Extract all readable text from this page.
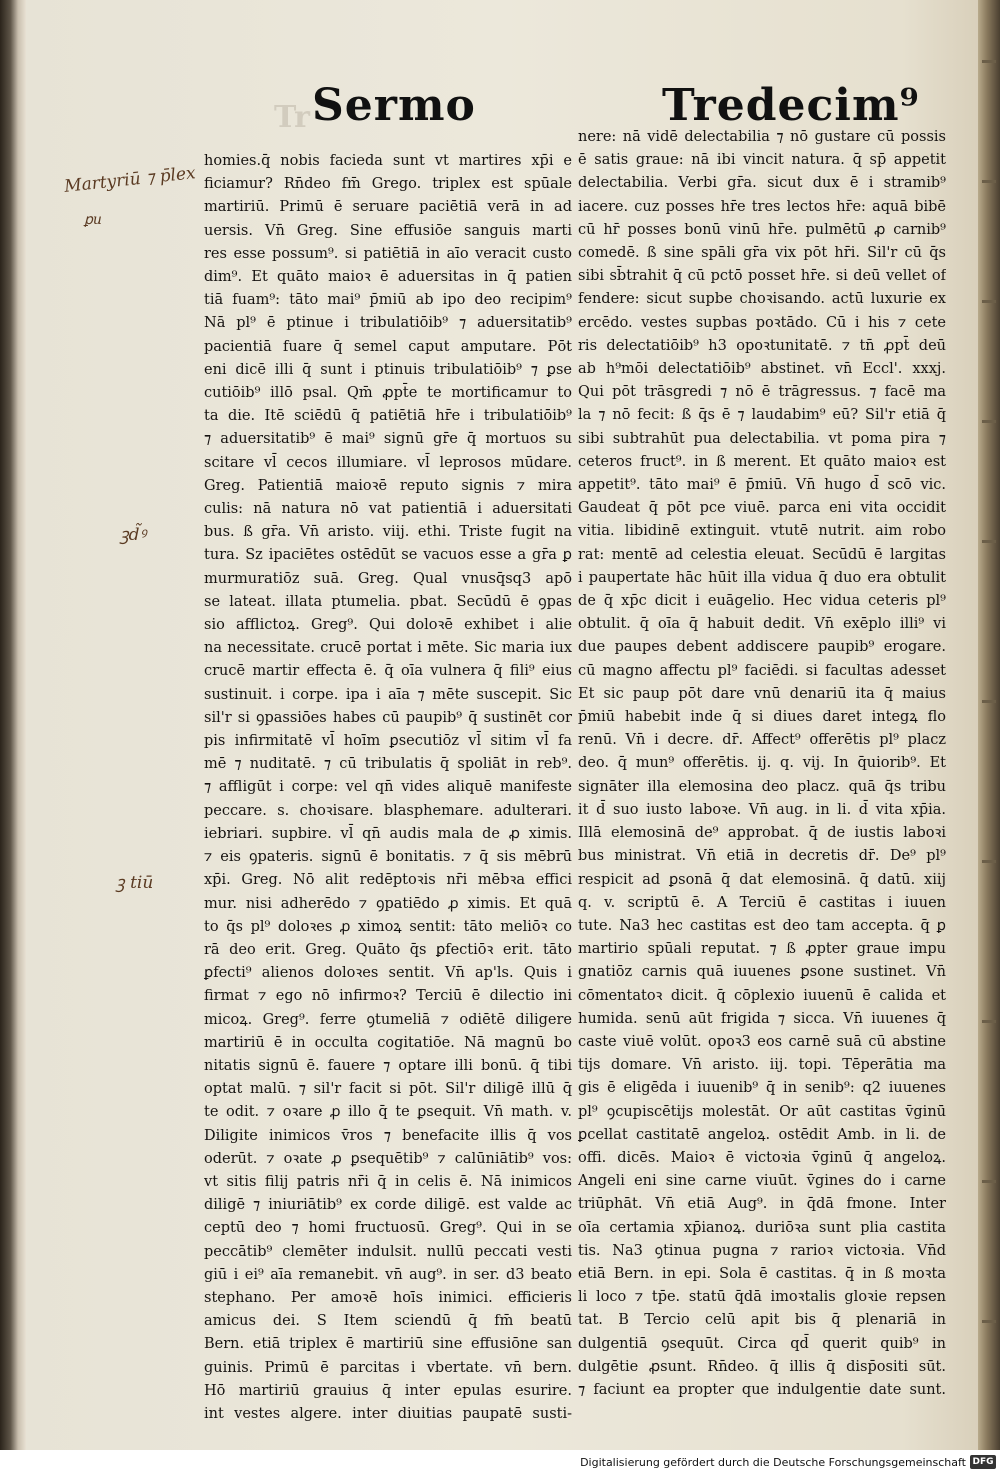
Tr Sermo	Tredecim⁹
Martyriū ⁊ p̄lex
ꝑu
ꝫd̃ꝰ
ꝫ tiū
homies.q̄ nobis facieda sunt vt martires xp̄i e
ficiamur? Rn̄deo fm̄ Grego. triplex est spūale
martiriū. Primū ē seruare paciētiā verā in ad
uersis. Vn̄ Greg. Sine effusiōe sanguis marti
res esse possum⁹. si patiētiā in aīo veracit custo
dim⁹. Et quāto maioꝛ ē aduersitas in q̄ patien
tiā fuam⁹: tāto mai⁹ p̄miū ab ipo deo recipim⁹
Nā pl⁹ ē ptinue i tribulatiōib⁹ ⁊ aduersitatib⁹
pacientiā fuare q̄ semel caput amputare. Pōt
eni dicē illi q̄ sunt i ptinuis tribulatiōib⁹ ⁊ ꝑse
cutiōib⁹ illō psal. Qm̄ ꝓpt̄e te mortificamur to
ta die. Itē sciēdū q̄ patiētiā hr̄e i tribulatiōib⁹
⁊ aduersitatib⁹ ē mai⁹ signū gr̄e q̄ mortuos su
scitare vl̄ cecos illumiare. vl̄ leprosos mūdare.
Greg. Patientiā maioꝛē reputo signis ⁊ mira
culis: nā natura nō vat patientiā i aduersitati
bus. ß gr̄a. Vn̄ aristo. viij. ethi. Triste fugit na
tura. Sz ipaciētes ostēdūt se vacuos esse a gr̄a ꝑ
murmuratiōz suā. Greg. Qual vnusq̄sq3 apō
se lateat. illata ptumelia. pbat. Secūdū ē ꝯpas
sio afflictoꝝ. Greg⁹. Qui doloꝛē exhibet i alie
na necessitate. crucē portat i mēte. Sic maria iux
crucē martir effecta ē. q̄ oīa vulnera q̄ fili⁹ eius
sustinuit. i corpe. ipa i aīa ⁊ mēte suscepit. Sic
sil'r si ꝯpassiōes habes cū paupib⁹ q̄ sustinēt cor
pis infirmitatē vl̄ hoīm ꝑsecutiōz vl̄ sitim vl̄ fa
mē ⁊ nuditatē. ⁊ cū tribulatis q̄ spoliāt in reb⁹.
⁊ affligūt i corpe: vel qn̄ vides aliquē manifeste
peccare. s. choꝛisare. blasphemare. adulterari.
iebriari. supbire. vl̄ qn̄ audis mala de ꝓ ximis.
⁊ eis ꝯpateris. signū ē bonitatis. ⁊ q̄ sis mēbrū
xp̄i. Greg. Nō alit redēptoꝛis nr̄i mēbꝛa effici
mur. nisi adherēdo ⁊ ꝯpatiēdo ꝓ ximis. Et quā
to q̄s pl⁹ doloꝛes ꝓ ximoꝝ sentit: tāto meliōꝛ co
rā deo erit. Greg. Quāto q̄s ꝑfectiōꝛ erit. tāto
ꝑfecti⁹ alienos doloꝛes sentit. Vn̄ ap'ls. Quis i
firmat ⁊ ego nō infirmoꝛ? Terciū ē dilectio ini
micoꝝ. Greg⁹. ferre ꝯtumeliā ⁊ odiētē diligere
martiriū ē in occulta cogitatiōe. Nā magnū bo
nitatis signū ē. fauere ⁊ optare illi bonū. q̄ tibi
optat malū. ⁊ sil'r facit si pōt. Sil'r diligē illū q̄
te odit. ⁊ oꝛare ꝓ illo q̄ te ꝑsequit. Vn̄ math. v.
Diligite inimicos v̄ros ⁊ benefacite illis q̄ vos
oderūt. ⁊ oꝛate ꝓ ꝑsequētib⁹ ⁊ calūniātib⁹ vos:
vt sitis filij patris nr̄i q̄ in celis ē. Nā inimicos
diligē ⁊ iniuriātib⁹ ex corde diligē. est valde ac
ceptū deo ⁊ homi fructuosū. Greg⁹. Qui in se
peccātib⁹ clemēter indulsit. nullū peccati vesti
giū i ei⁹ aīa remanebit. vn̄ aug⁹. in ser. d3 beato
stephano. Per amoꝛē hoīs inimici. efficieris
amicus dei. S Item sciendū q̄ fm̄ beatū
Bern. etiā triplex ē martiriū sine effusiōne san
guinis. Primū ē parcitas i vbertate. vn̄ bern.
Hō martiriū grauius q̄ inter epulas esurire.
int vestes algere. inter diuitias paupatē susti-
nere: nā vidē delectabilia ⁊ nō gustare cū possis
ē satis graue: nā ibi vincit natura. q̄ sp̄ appetit
delectabilia. Verbi gr̄a. sicut dux ē i stramib⁹
iacere. cuz posses hr̄e tres lectos hr̄e: aquā bibē
cū hr̄ posses bonū vinū hr̄e. pulmētū ꝓ carnib⁹
comedē. ß sine spāli gr̄a vix pōt hr̄i. Sil'r cū q̄s
sibi sb̄trahit q̄ cū pctō posset hr̄e. si deū vellet of
fendere: sicut supbe choꝛisando. actū luxurie ex
ercēdo. vestes supbas poꝛtādo. Cū i his ⁊ cete
ris delectatiōib⁹ h3 opoꝛtunitatē. ⁊ tn̄ ꝓpt̄ deū
ab h⁹mōi delectatiōib⁹ abstinet. vn̄ Eccl'. xxxj.
Qui pōt trāsgredi ⁊ nō ē trāgressus. ⁊ facē ma
la ⁊ nō fecit: ß q̄s ē ⁊ laudabim⁹ eū? Sil'r etiā q̄
sibi subtrahūt pua delectabilia. vt poma pira ⁊
ceteros fruct⁹. in ß merent. Et quāto maioꝛ est
appetit⁹. tāto mai⁹ ē p̄miū. Vn̄ hugo d̄ scō vic.
Gaudeat q̄ pōt pce viuē. parca eni vita occidit
vitia. libidinē extinguit. vtutē nutrit. aim robo
rat: mentē ad celestia eleuat. Secūdū ē largitas
i paupertate hāc hūit illa vidua q̄ duo era obtulit
de q̄ xp̄c dicit i euāgelio. Hec vidua ceteris pl⁹
obtulit. q̄ oīa q̄ habuit dedit. Vn̄ exēplo illi⁹ vi
due paupes debent addiscere paupib⁹ erogare.
cū magno affectu pl⁹ faciēdi. si facultas adesset
Et sic paup pōt dare vnū denariū ita q̄ maius
p̄miū habebit inde q̄ si diues daret integꝝ flo
renū. Vn̄ i decre. dr̄. Affect⁹ offerētis pl⁹ placz
deo. q̄ mun⁹ offerētis. ij. q. vij. In q̄uiorib⁹. Et
signāter illa elemosina deo placz. quā q̄s tribu
it d̄ suo iusto laboꝛe. Vn̄ aug. in li. d̄ vita xp̄ia.
Illā elemosinā de⁹ approbat. q̄ de iustis laboꝛi
bus ministrat. Vn̄ etiā in decretis dr̄. De⁹ pl⁹
respicit ad ꝑsonā q̄ dat elemosinā. q̄ datū. xiij
q. v. scriptū ē. A Terciū ē castitas i iuuen
tute. Na3 hec castitas est deo tam accepta. q̄ ꝑ
martirio spūali reputat. ⁊ ß ꝓpter graue impu
gnatiōz carnis quā iuuenes ꝑsone sustinet. Vn̄
cōmentatoꝛ dicit. q̄ cōplexio iuuenū ē calida et
humida. senū aūt frigida ⁊ sicca. Vn̄ iuuenes q̄
caste viuē volūt. opoꝛ3 eos carnē suā cū abstine
tijs domare. Vn̄ aristo. iij. topi. Tēperātia ma
gis ē eligēda i iuuenib⁹ q̄ in senib⁹: q2 iuuenes
pl⁹ ꝯcupiscētijs molestāt. Or aūt castitas v̄ginū
ꝑcellat castitatē angeloꝝ. ostēdit Amb. in li. de
offi. dicēs. Maioꝛ ē victoꝛia v̄ginū q̄ angeloꝝ.
Angeli eni sine carne viuūt. v̄gines do i carne
triūphāt. Vn̄ etiā Aug⁹. in q̄dā fmone. Inter
oīa certamia xp̄ianoꝝ. duriōꝛa sunt plia castita
tis. Na3 ꝯtinua pugna ⁊ rarioꝛ victoꝛia. Vn̄d
etiā Bern. in epi. Sola ē castitas. q̄ in ß moꝛta
li loco ⁊ tp̄e. statū q̄dā imoꝛtalis gloꝛie repsen
tat. B Tercio celū apit bis q̄ plenariā in
dulgentiā ꝯsequūt. Circa qd̄ querit quib⁹ in
dulgētie ꝓsunt. Rn̄deo. q̄ illis q̄ disp̄ositi sūt.
⁊ faciunt ea propter que indulgentie date sunt.
Digitalisierung gefördert durch die Deutsche Forschungsgemeinschaft DFG
